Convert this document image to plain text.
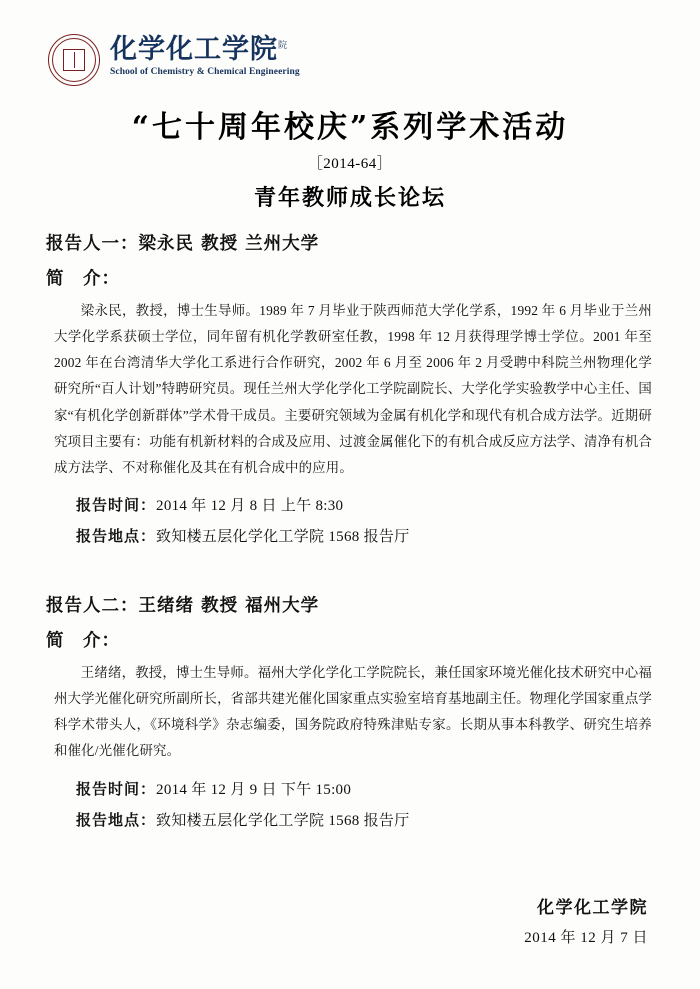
化学化工学院$^院$
School of Chemistry & Chemical Engineering
“七十周年校庆”系列学术活动
［2014-64］
青年教师成长论坛
报告人一：梁永民 教授 兰州大学
简　介：
梁永民，教授，博士生导师。1989 年 7 月毕业于陕西师范大学化学系，1992 年 6 月毕业于兰州大学化学系获硕士学位，同年留有机化学教研室任教，1998 年 12 月获得理学博士学位。2001 年至 2002 年在台湾清华大学化工系进行合作研究，2002 年 6 月至 2006 年 2 月受聘中科院兰州物理化学研究所“百人计划”特聘研究员。现任兰州大学化学化工学院副院长、大学化学实验教学中心主任、国家“有机化学创新群体”学术骨干成员。主要研究领域为金属有机化学和现代有机合成方法学。近期研究项目主要有：功能有机新材料的合成及应用、过渡金属催化下的有机合成反应方法学、清净有机合成方法学、不对称催化及其在有机合成中的应用。
报告时间：2014 年 12 月 8 日 上午 8:30
报告地点：致知楼五层化学化工学院 1568 报告厅
报告人二：王绪绪 教授 福州大学
简　介：
王绪绪，教授，博士生导师。福州大学化学化工学院院长，兼任国家环境光催化技术研究中心福州大学光催化研究所副所长，省部共建光催化国家重点实验室培育基地副主任。物理化学国家重点学科学术带头人，《环境科学》杂志编委，国务院政府特殊津贴专家。长期从事本科教学、研究生培养和催化/光催化研究。
报告时间：2014 年 12 月 9 日 下午 15:00
报告地点：致知楼五层化学化工学院 1568 报告厅
化学化工学院
2014 年 12 月 7 日
